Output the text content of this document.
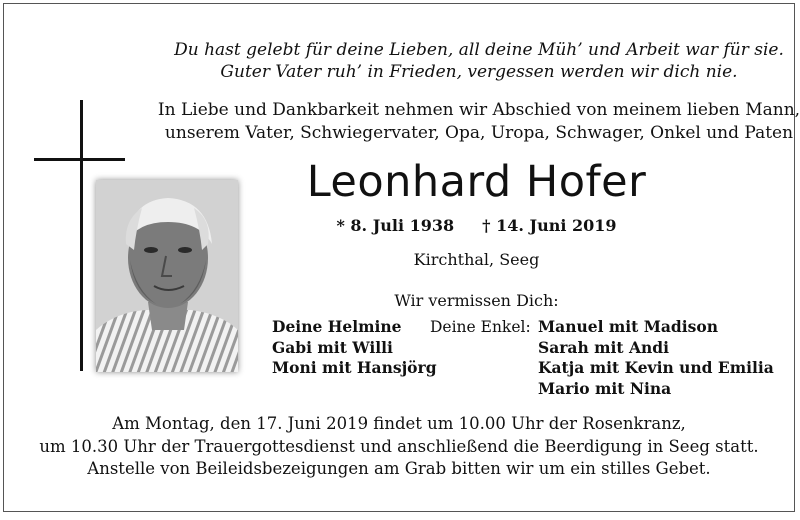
Du hast gelebt für deine Lieben, all deine Müh’ und Arbeit war für sie.
Guter Vater ruh’ in Frieden, vergessen werden wir dich nie.
In Liebe und Dankbarkeit nehmen wir Abschied von meinem lieben Mann,
unserem Vater, Schwiegervater, Opa, Uropa, Schwager, Onkel und Paten
Leonhard Hofer
* 8. Juli 1938 † 14. Juni 2019
Kirchthal, Seeg
Wir vermissen Dich:
Deine Helmine
Gabi mit Willi
Moni mit Hansjörg
Deine Enkel: Manuel mit Madison
Sarah mit Andi
Katja mit Kevin und Emilia
Mario mit Nina
Am Montag, den 17. Juni 2019 findet um 10.00 Uhr der Rosenkranz,
um 10.30 Uhr der Trauergottesdienst und anschließend die Beerdigung in Seeg statt.
Anstelle von Beileidsbezeigungen am Grab bitten wir um ein stilles Gebet.
